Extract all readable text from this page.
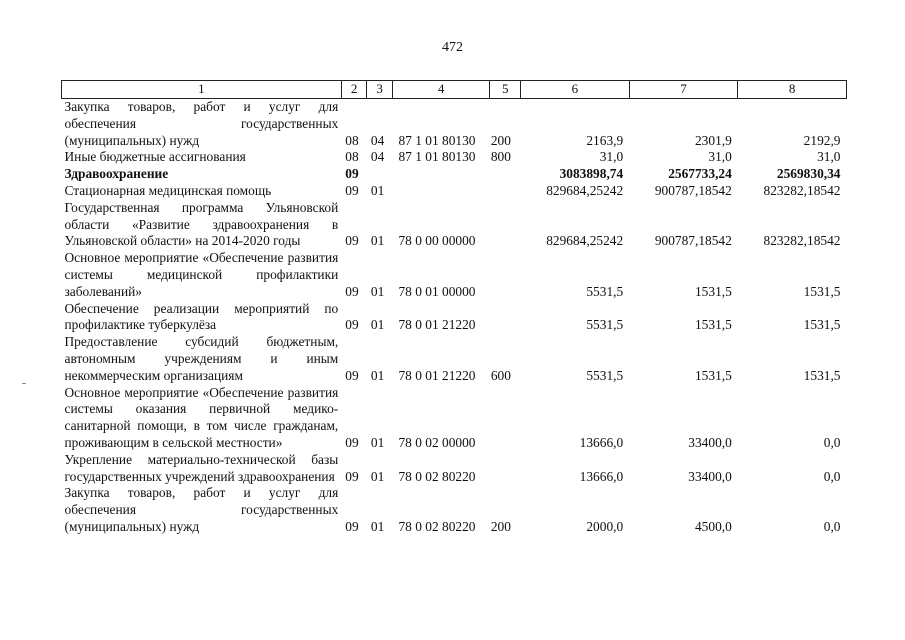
472
1	2	3	4	5	6	7	8
Закупка товаров, работ и услуг для обеспечения государственных (муниципальных) нужд	08	04	87 1 01 80130	200	2163,9	2301,9	2192,9
Иные бюджетные ассигнования	08	04	87 1 01 80130	800	31,0	31,0	31,0
Здравоохранение	09				3083898,74	2567733,24	2569830,34
Стационарная медицинская помощь	09	01			829684,25242	900787,18542	823282,18542
Государственная программа Ульяновской области «Развитие здравоохранения в Ульяновской области» на 2014-2020 годы	09	01	78 0 00 00000		829684,25242	900787,18542	823282,18542
Основное мероприятие «Обеспечение развития системы медицинской профилактики заболеваний»	09	01	78 0 01 00000		5531,5	1531,5	1531,5
Обеспечение реализации мероприятий по профилактике туберкулёза	09	01	78 0 01 21220		5531,5	1531,5	1531,5
Предоставление субсидий бюджетным, автономным учреждениям и иным некоммерческим организациям	09	01	78 0 01 21220	600	5531,5	1531,5	1531,5
Основное мероприятие «Обеспечение развития системы оказания первичной медико-санитарной помощи, в том числе гражданам, проживающим в сельской местности»	09	01	78 0 02 00000		13666,0	33400,0	0,0
Укрепление материально-технической базы государственных учреждений здравоохранения	09	01	78 0 02 80220		13666,0	33400,0	0,0
Закупка товаров, работ и услуг для обеспечения государственных (муниципальных) нужд	09	01	78 0 02 80220	200	2000,0	4500,0	0,0
